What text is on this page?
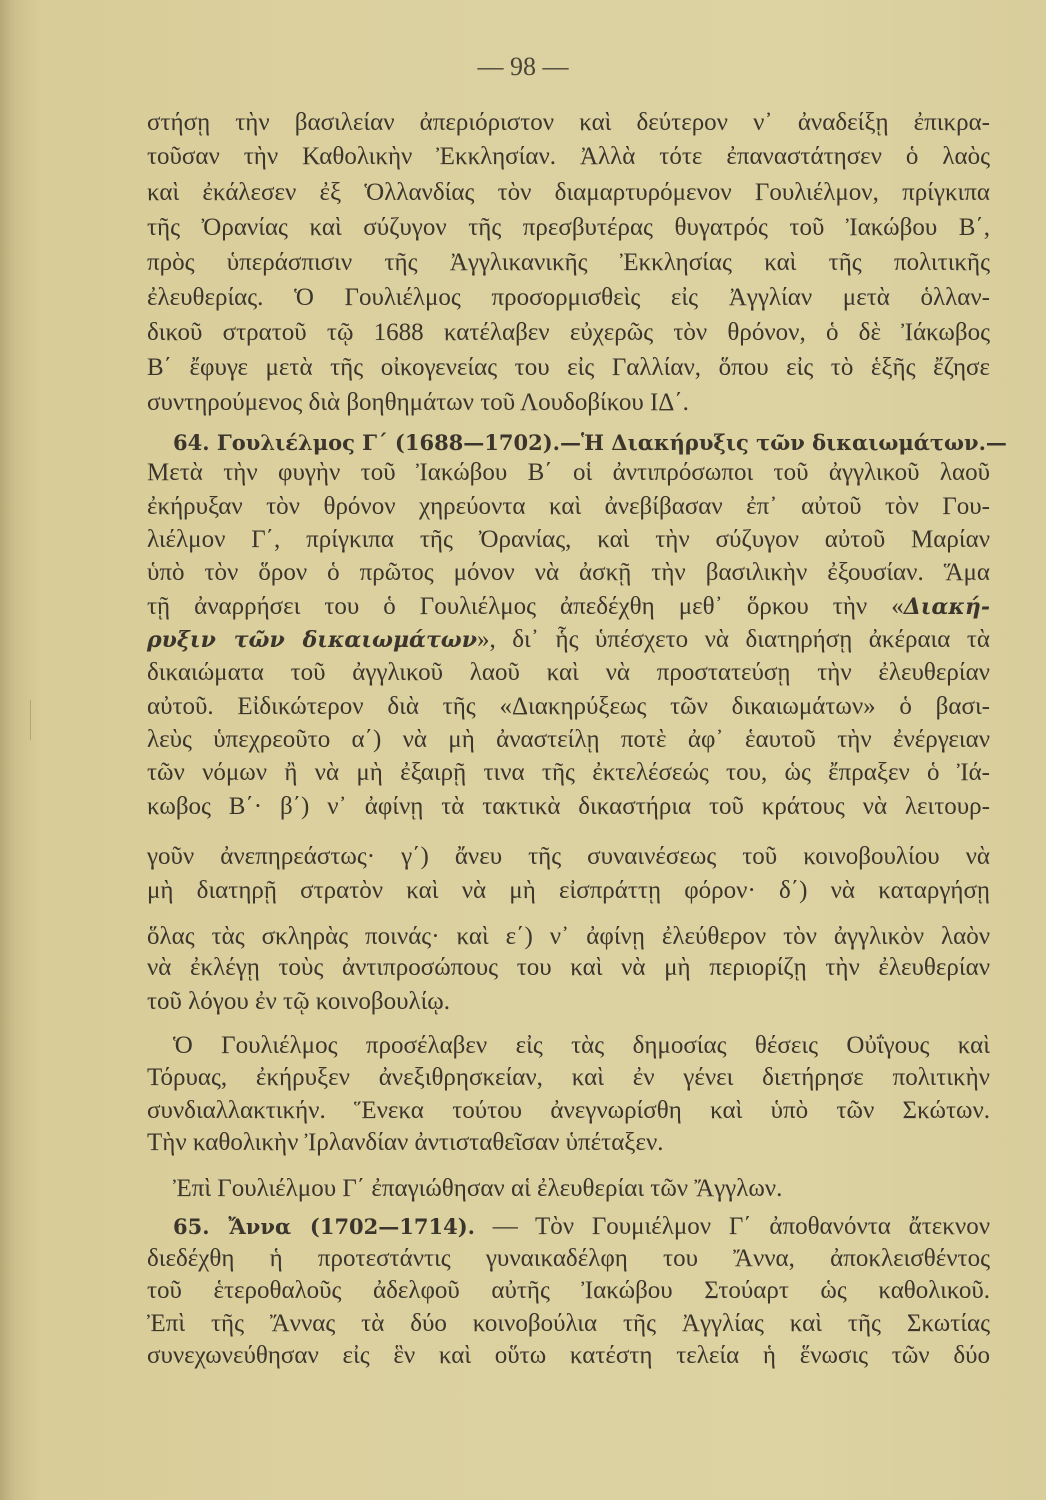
— 98 —
στήσῃ τὴν βασιλείαν ἀπεριόριστον καὶ δεύτερον ν᾿ ἀναδείξῃ ἐπικρα-
τοῦσαν τὴν Καθολικὴν Ἐκκλησίαν. Ἀλλὰ τότε ἐπαναστάτησεν ὁ λαὸς
καὶ ἐκάλεσεν ἐξ Ὁλλανδίας τὸν διαμαρτυρόμενον Γουλιέλμον, πρίγκιπα
τῆς Ὀρανίας καὶ σύζυγον τῆς πρεσβυτέρας θυγατρός τοῦ Ἰακώβου Β΄,
πρὸς ὑπεράσπισιν τῆς Ἀγγλικανικῆς Ἐκκλησίας καὶ τῆς πολιτικῆς
ἐλευθερίας. Ὁ Γουλιέλμος προσορμισθεὶς εἰς Ἀγγλίαν μετὰ ὁλλαν-
δικοῦ στρατοῦ τῷ 1688 κατέλαβεν εὐχερῶς τὸν θρόνον, ὁ δὲ Ἰάκωβος
Β΄ ἔφυγε μετὰ τῆς οἰκογενείας του εἰς Γαλλίαν, ὅπου εἰς τὸ ἑξῆς ἔζησε
συντηρούμενος διὰ βοηθημάτων τοῦ Λουδοβίκου ΙΔ΄.
64. Γουλιέλμος Γ΄ (1688—1702).—Ἡ Διακήρυξις τῶν δικαιωμάτων.—
Μετὰ τὴν φυγὴν τοῦ Ἰακώβου Β΄ οἱ ἀντιπρόσωποι τοῦ ἀγγλικοῦ λαοῦ
ἐκήρυξαν τὸν θρόνον χηρεύοντα καὶ ἀνεβίβασαν ἐπ᾿ αὐτοῦ τὸν Γου-
λιέλμον Γ΄, πρίγκιπα τῆς Ὀρανίας, καὶ τὴν σύζυγον αὐτοῦ Μαρίαν
ὑπὸ τὸν ὅρον ὁ πρῶτος μόνον νὰ ἀσκῇ τὴν βασιλικὴν ἐξουσίαν. Ἅμα
τῇ ἀναρρήσει του ὁ Γουλιέλμος ἀπεδέχθη μεθ᾿ ὅρκου τὴν «Διακή-
ρυξιν τῶν δικαιωμάτων», δι᾿ ἧς ὑπέσχετο νὰ διατηρήσῃ ἀκέραια τὰ
δικαιώματα τοῦ ἀγγλικοῦ λαοῦ καὶ νὰ προστατεύσῃ τὴν ἐλευθερίαν
αὐτοῦ. Εἰδικώτερον διὰ τῆς «Διακηρύξεως τῶν δικαιωμάτων» ὁ βασι-
λεὺς ὑπεχρεοῦτο α΄) νὰ μὴ ἀναστείλῃ ποτὲ ἀφ᾿ ἑαυτοῦ τὴν ἐνέργειαν
τῶν νόμων ἢ νὰ μὴ ἐξαιρῇ τινα τῆς ἐκτελέσεώς του, ὡς ἔπραξεν ὁ Ἰά-
κωβος Β΄· β΄) ν᾿ ἀφίνῃ τὰ τακτικὰ δικαστήρια τοῦ κράτους νὰ λειτουρ-
γοῦν ἀνεπηρεάστως· γ΄) ἄνευ τῆς συναινέσεως τοῦ κοινοβουλίου νὰ
μὴ διατηρῇ στρατὸν καὶ νὰ μὴ εἰσπράττῃ φόρον· δ΄) νὰ καταργήσῃ
ὅλας τὰς σκληρὰς ποινάς· καὶ ε΄) ν᾿ ἀφίνῃ ἐλεύθερον τὸν ἀγγλικὸν λαὸν
νὰ ἐκλέγῃ τοὺς ἀντιπροσώπους του καὶ νὰ μὴ περιορίζῃ τὴν ἐλευθερίαν
τοῦ λόγου ἐν τῷ κοινοβουλίῳ.
Ὁ Γουλιέλμος προσέλαβεν εἰς τὰς δημοσίας θέσεις Οὐΐγους καὶ
Τόρυας, ἐκήρυξεν ἀνεξιθρησκείαν, καὶ ἐν γένει διετήρησε πολιτικὴν
συνδιαλλακτικήν. Ἕνεκα τούτου ἀνεγνωρίσθη καὶ ὑπὸ τῶν Σκώτων.
Τὴν καθολικὴν Ἰρλανδίαν ἀντισταθεῖσαν ὑπέταξεν.
Ἐπὶ Γουλιέλμου Γ΄ ἐπαγιώθησαν αἱ ἐλευθερίαι τῶν Ἄγγλων.
65. Ἄννα (1702—1714). — Τὸν Γουμιέλμον Γ΄ ἀποθανόντα ἄτεκνον
διεδέχθη ἡ προτεστάντις γυναικαδέλφη του Ἄννα, ἀποκλεισθέντος
τοῦ ἑτεροθαλοῦς ἀδελφοῦ αὐτῆς Ἰακώβου Στούαρτ ὡς καθολικοῦ.
Ἐπὶ τῆς Ἄννας τὰ δύο κοινοβούλια τῆς Ἀγγλίας καὶ τῆς Σκωτίας
συνεχωνεύθησαν εἰς ἓν καὶ οὕτω κατέστη τελεία ἡ ἕνωσις τῶν δύο
